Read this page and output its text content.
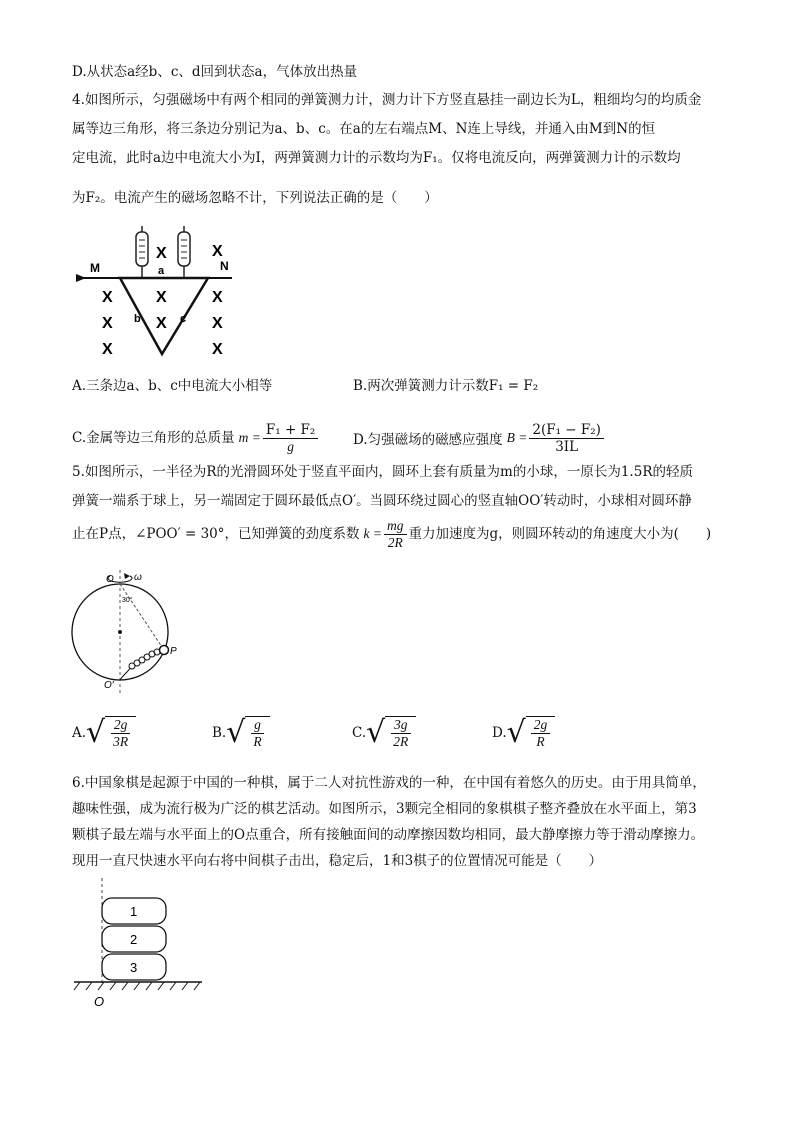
D.从状态a经b、c、d回到状态a，气体放出热量
4.如图所示，匀强磁场中有两个相同的弹簧测力计，测力计下方竖直悬挂一副边长为L，粗细均匀的均质金
属等边三角形，将三条边分别记为a、b、c。在a的左右端点M、N连上导线，并通入由M到N的恒
定电流，此时a边中电流大小为I，两弹簧测力计的示数均为F₁。仅将电流反向，两弹簧测力计的示数均
为F₂。电流产生的磁场忽略不计，下列说法正确的是（　　）
M	N
a
b	c
X	X
X	X	X
X	X	X
X	X
A.三条边a、b、c中电流大小相等	B.两次弹簧测力计示数F₁ = F₂
C.金属等边三角形的总质量 $m = \frac{\text{F₁ + F₂}}{g}$	D.匀强磁场的磁感应强度 $B = \frac{\text{2(F₁ − F₂)}}{3IL}$
5.如图所示，一半径为R的光滑圆环处于竖直平面内，圆环上套有质量为m的小球，一原长为1.5R的轻质
弹簧一端系于球上，另一端固定于圆环最低点O′。当圆环绕过圆心的竖直轴OO′转动时，小球相对圆环静
止在P点，∠POO′ = 30°，已知弹簧的劲度系数 $k = \frac{mg}{2R}$ 重力加速度为g，则圆环转动的角速度大小为(　　)
O ω
30°
P
O′
A. √ $\frac{2g}{3R}$	B. √ $\frac{g}{R}$	C. √ $\frac{3g}{2R}$	D. √ $\frac{2g}{R}$
6.中国象棋是起源于中国的一种棋，属于二人对抗性游戏的一种，在中国有着悠久的历史。由于用具简单，
趣味性强，成为流行极为广泛的棋艺活动。如图所示，3颗完全相同的象棋棋子整齐叠放在水平面上，第3
颗棋子最左端与水平面上的O点重合，所有接触面间的动摩擦因数均相同，最大静摩擦力等于滑动摩擦力。
现用一直尺快速水平向右将中间棋子击出，稳定后，1和3棋子的位置情况可能是（　　）
1
2
3
O
